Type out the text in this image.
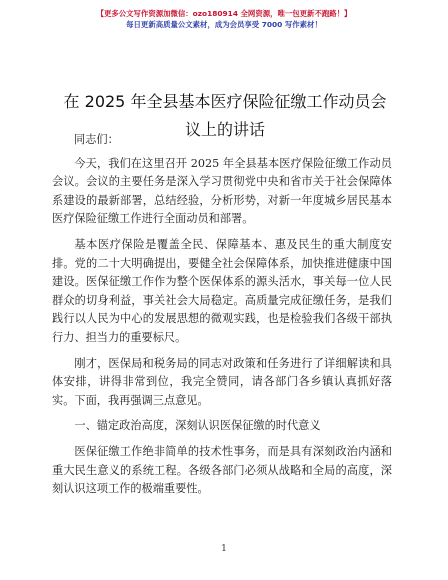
【更多公文写作资源加微信：ozo180914 全网资源，唯一包更新不跑路！】
每日更新高质量公文素材，成为会员享受 7000 写作素材！
在 2025 年全县基本医疗保险征缴工作动员会议上的讲话

同志们：

今天，我们在这里召开 2025 年全县基本医疗保险征缴工作动员会议。会议的主要任务是深入学习贯彻党中央和省市关于社会保障体系建设的最新部署，总结经验，分析形势，对新一年度城乡居民基本医疗保险征缴工作进行全面动员和部署。

基本医疗保险是覆盖全民、保障基本、惠及民生的重大制度安排。党的二十大明确提出，要健全社会保障体系，加快推进健康中国建设。医保征缴工作作为整个医保体系的源头活水，事关每一位人民群众的切身利益，事关社会大局稳定。高质量完成征缴任务，是我们践行以人民为中心的发展思想的微观实践，也是检验我们各级干部执行力、担当力的重要标尺。

刚才，医保局和税务局的同志对政策和任务进行了详细解读和具体安排，讲得非常到位，我完全赞同，请各部门各乡镇认真抓好落实。下面，我再强调三点意见。

一、锚定政治高度，深刻认识医保征缴的时代意义

医保征缴工作绝非简单的技术性事务，而是具有深刻政治内涵和重大民生意义的系统工程。各级各部门必须从战略和全局的高度，深刻认识这项工作的极端重要性。

1
